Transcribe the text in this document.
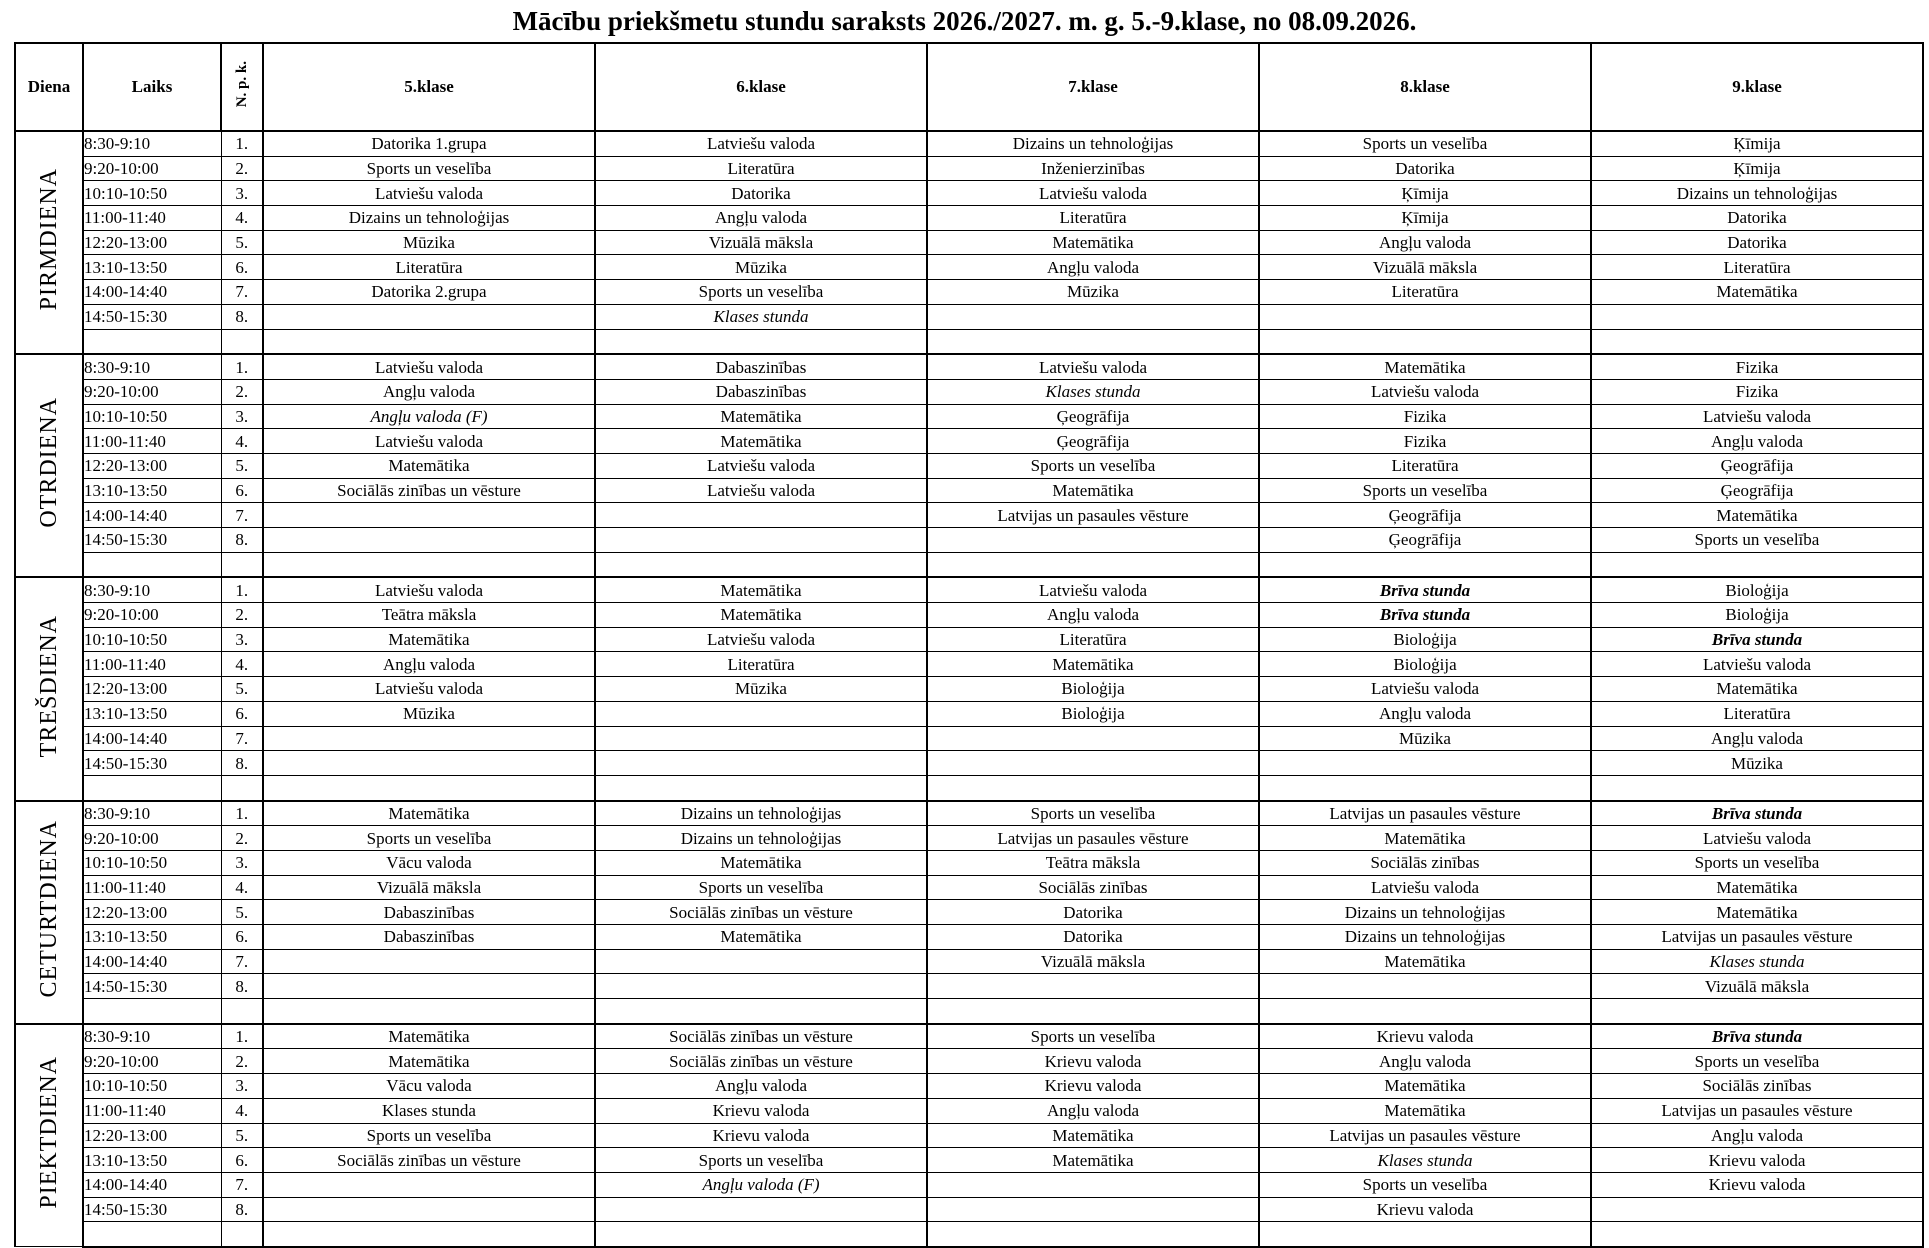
Mācību priekšmetu stundu saraksts 2026./2027. m. g. 5.-9.klase, no 08.09.2026.
Diena	Laiks	N. p. k.	5.klase	6.klase	7.klase	8.klase	9.klase
PIRMDIENA	8:30-9:10	1.	Datorika 1.grupa	Latviešu valoda	Dizains un tehnoloģijas	Sports un veselība	Ķīmija
	9:20-10:00	2.	Sports un veselība	Literatūra	Inženierzinības	Datorika	Ķīmija
	10:10-10:50	3.	Latviešu valoda	Datorika	Latviešu valoda	Ķīmija	Dizains un tehnoloģijas
	11:00-11:40	4.	Dizains un tehnoloģijas	Angļu valoda	Literatūra	Ķīmija	Datorika
	12:20-13:00	5.	Mūzika	Vizuālā māksla	Matemātika	Angļu valoda	Datorika
	13:10-13:50	6.	Literatūra	Mūzika	Angļu valoda	Vizuālā māksla	Literatūra
	14:00-14:40	7.	Datorika 2.grupa	Sports un veselība	Mūzika	Literatūra	Matemātika
	14:50-15:30	8.		Klases stunda			

OTRDIENA	8:30-9:10	1.	Latviešu valoda	Dabaszinības	Latviešu valoda	Matemātika	Fizika
	9:20-10:00	2.	Angļu valoda	Dabaszinības	Klases stunda	Latviešu valoda	Fizika
	10:10-10:50	3.	Angļu valoda (F)	Matemātika	Ģeogrāfija	Fizika	Latviešu valoda
	11:00-11:40	4.	Latviešu valoda	Matemātika	Ģeogrāfija	Fizika	Angļu valoda
	12:20-13:00	5.	Matemātika	Latviešu valoda	Sports un veselība	Literatūra	Ģeogrāfija
	13:10-13:50	6.	Sociālās zinības un vēsture	Latviešu valoda	Matemātika	Sports un veselība	Ģeogrāfija
	14:00-14:40	7.			Latvijas un pasaules vēsture	Ģeogrāfija	Matemātika
	14:50-15:30	8.				Ģeogrāfija	Sports un veselība

TREŠDIENA	8:30-9:10	1.	Latviešu valoda	Matemātika	Latviešu valoda	Brīva stunda	Bioloģija
	9:20-10:00	2.	Teātra māksla	Matemātika	Angļu valoda	Brīva stunda	Bioloģija
	10:10-10:50	3.	Matemātika	Latviešu valoda	Literatūra	Bioloģija	Brīva stunda
	11:00-11:40	4.	Angļu valoda	Literatūra	Matemātika	Bioloģija	Latviešu valoda
	12:20-13:00	5.	Latviešu valoda	Mūzika	Bioloģija	Latviešu valoda	Matemātika
	13:10-13:50	6.	Mūzika		Bioloģija	Angļu valoda	Literatūra
	14:00-14:40	7.				Mūzika	Angļu valoda
	14:50-15:30	8.					Mūzika

CETURTDIENA	8:30-9:10	1.	Matemātika	Dizains un tehnoloģijas	Sports un veselība	Latvijas un pasaules vēsture	Brīva stunda
	9:20-10:00	2.	Sports un veselība	Dizains un tehnoloģijas	Latvijas un pasaules vēsture	Matemātika	Latviešu valoda
	10:10-10:50	3.	Vācu valoda	Matemātika	Teātra māksla	Sociālās zinības	Sports un veselība
	11:00-11:40	4.	Vizuālā māksla	Sports un veselība	Sociālās zinības	Latviešu valoda	Matemātika
	12:20-13:00	5.	Dabaszinības	Sociālās zinības un vēsture	Datorika	Dizains un tehnoloģijas	Matemātika
	13:10-13:50	6.	Dabaszinības	Matemātika	Datorika	Dizains un tehnoloģijas	Latvijas un pasaules vēsture
	14:00-14:40	7.			Vizuālā māksla	Matemātika	Klases stunda
	14:50-15:30	8.					Vizuālā māksla

PIEKTDIENA	8:30-9:10	1.	Matemātika	Sociālās zinības un vēsture	Sports un veselība	Krievu valoda	Brīva stunda
	9:20-10:00	2.	Matemātika	Sociālās zinības un vēsture	Krievu valoda	Angļu valoda	Sports un veselība
	10:10-10:50	3.	Vācu valoda	Angļu valoda	Krievu valoda	Matemātika	Sociālās zinības
	11:00-11:40	4.	Klases stunda	Krievu valoda	Angļu valoda	Matemātika	Latvijas un pasaules vēsture
	12:20-13:00	5.	Sports un veselība	Krievu valoda	Matemātika	Latvijas un pasaules vēsture	Angļu valoda
	13:10-13:50	6.	Sociālās zinības un vēsture	Sports un veselība	Matemātika	Klases stunda	Krievu valoda
	14:00-14:40	7.		Angļu valoda (F)		Sports un veselība	Krievu valoda
	14:50-15:30	8.				Krievu valoda	
